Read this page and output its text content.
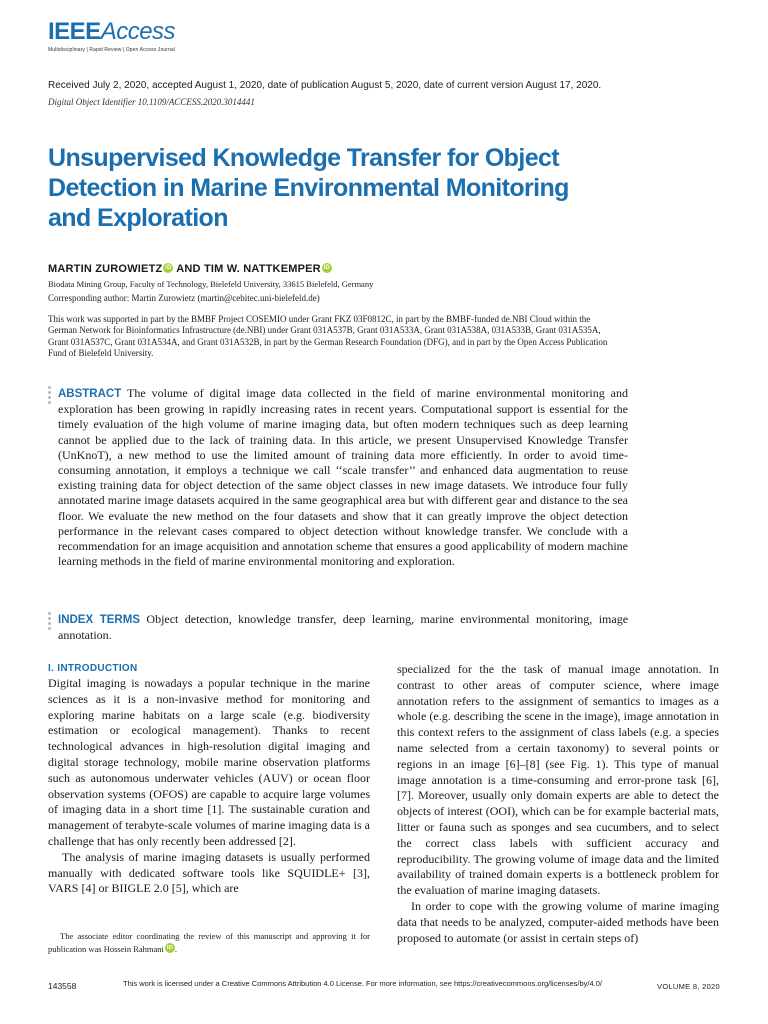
IEEEAccess
Multidisciplinary | Rapid Review | Open Access Journal
Received July 2, 2020, accepted August 1, 2020, date of publication August 5, 2020, date of current version August 17, 2020.
Digital Object Identifier 10.1109/ACCESS.2020.3014441
Unsupervised Knowledge Transfer for Object Detection in Marine Environmental Monitoring and Exploration
MARTIN ZUROWIETZ iD AND TIM W. NATTKEMPER iD
Biodata Mining Group, Faculty of Technology, Bielefeld University, 33615 Bielefeld, Germany
Corresponding author: Martin Zurowietz (martin@cebitec.uni-bielefeld.de)
This work was supported in part by the BMBF Project COSEMIO under Grant FKZ 03F0812C, in part by the BMBF-funded de.NBI Cloud within the German Network for Bioinformatics Infrastructure (de.NBI) under Grant 031A537B, Grant 031A533A, Grant 031A538A, 031A533B, Grant 031A535A, Grant 031A537C, Grant 031A534A, and Grant 031A532B, in part by the German Research Foundation (DFG), and in part by the Open Access Publication Fund of Bielefeld University.

ABSTRACT The volume of digital image data collected in the field of marine environmental monitoring and exploration has been growing in rapidly increasing rates in recent years. Computational support is essential for the timely evaluation of the high volume of marine imaging data, but often modern techniques such as deep learning cannot be applied due to the lack of training data. In this article, we present Unsupervised Knowledge Transfer (UnKnoT), a new method to use the limited amount of training data more efficiently. In order to avoid time-consuming annotation, it employs a technique we call ‘‘scale transfer’’ and enhanced data augmentation to reuse existing training data for object detection of the same object classes in new image datasets. We introduce four fully annotated marine image datasets acquired in the same geographical area but with different gear and distance to the sea floor. We evaluate the new method on the four datasets and show that it can greatly improve the object detection performance in the relevant cases compared to object detection without knowledge transfer. We conclude with a recommendation for an image acquisition and annotation scheme that ensures a good applicability of modern machine learning methods in the field of marine environmental monitoring and exploration.

INDEX TERMS Object detection, knowledge transfer, deep learning, marine environmental monitoring, image annotation.

I. INTRODUCTION

Digital imaging is nowadays a popular technique in the marine sciences as it is a non-invasive method for monitoring and exploring marine habitats on a large scale (e.g. biodiversity estimation or ecological management). Thanks to recent technological advances in high-resolution digital imaging and digital storage technology, mobile marine observation platforms such as autonomous underwater vehicles (AUV) or ocean floor observation systems (OFOS) are capable to acquire large volumes of imaging data in a short time [1]. The sustainable curation and management of terabyte-scale volumes of marine imaging data is a challenge that has only recently been addressed [2].

The analysis of marine imaging datasets is usually performed manually with dedicated software tools like SQUIDLE+ [3], VARS [4] or BIIGLE 2.0 [5], which are

The associate editor coordinating the review of this manuscript and approving it for publication was Hossein Rahmani iD .

specialized for the the task of manual image annotation. In contrast to other areas of computer science, where image annotation refers to the assignment of semantics to images as a whole (e.g. describing the scene in the image), image annotation in this context refers to the assignment of class labels (e.g. a species name selected from a certain taxonomy) to several points or regions in an image [6]–[8] (see Fig. 1). This type of manual image annotation is a time-consuming and error-prone task [6], [7]. Moreover, usually only domain experts are able to detect the objects of interest (OOI), which can be for example bacterial mats, litter or fauna such as sponges and sea cucumbers, and to select the correct class labels with sufficient accuracy and reproducibility. The growing volume of image data and the limited availability of trained domain experts is a bottleneck problem for the evaluation of marine imaging datasets.

In order to cope with the growing volume of marine imaging data that needs to be analyzed, computer-aided methods have been proposed to automate (or assist in certain steps of)

143558	This work is licensed under a Creative Commons Attribution 4.0 License. For more information, see https://creativecommons.org/licenses/by/4.0/	VOLUME 8, 2020
